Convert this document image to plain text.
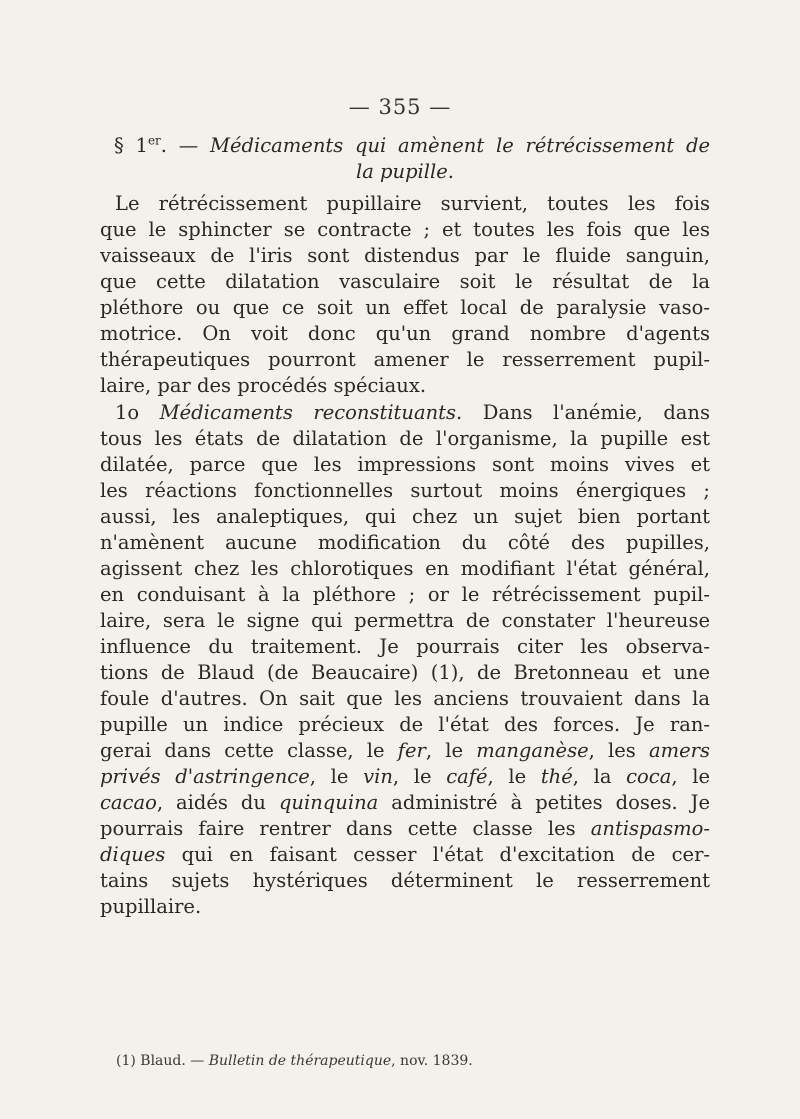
— 355 —
§ 1er. — Médicaments qui amènent le rétrécissement de
la pupille.
Le rétrécissement pupillaire survient, toutes les fois
que le sphincter se contracte ; et toutes les fois que les
vaisseaux de l'iris sont distendus par le fluide sanguin,
que cette dilatation vasculaire soit le résultat de la
pléthore ou que ce soit un effet local de paralysie vaso-
motrice. On voit donc qu'un grand nombre d'agents
thérapeutiques pourront amener le resserrement pupil-
laire, par des procédés spéciaux.
1o Médicaments reconstituants. Dans l'anémie, dans
tous les états de dilatation de l'organisme, la pupille est
dilatée, parce que les impressions sont moins vives et
les réactions fonctionnelles surtout moins énergiques ;
aussi, les analeptiques, qui chez un sujet bien portant
n'amènent aucune modification du côté des pupilles,
agissent chez les chlorotiques en modifiant l'état général,
en conduisant à la pléthore ; or le rétrécissement pupil-
laire, sera le signe qui permettra de constater l'heureuse
influence du traitement. Je pourrais citer les observa-
tions de Blaud (de Beaucaire) (1), de Bretonneau et une
foule d'autres. On sait que les anciens trouvaient dans la
pupille un indice précieux de l'état des forces. Je ran-
gerai dans cette classe, le fer, le manganèse, les amers
privés d'astringence, le vin, le café, le thé, la coca, le
cacao, aidés du quinquina administré à petites doses. Je
pourrais faire rentrer dans cette classe les antispasmo-
diques qui en faisant cesser l'état d'excitation de cer-
tains sujets hystériques déterminent le resserrement
pupillaire.
(1) Blaud. — Bulletin de thérapeutique, nov. 1839.
